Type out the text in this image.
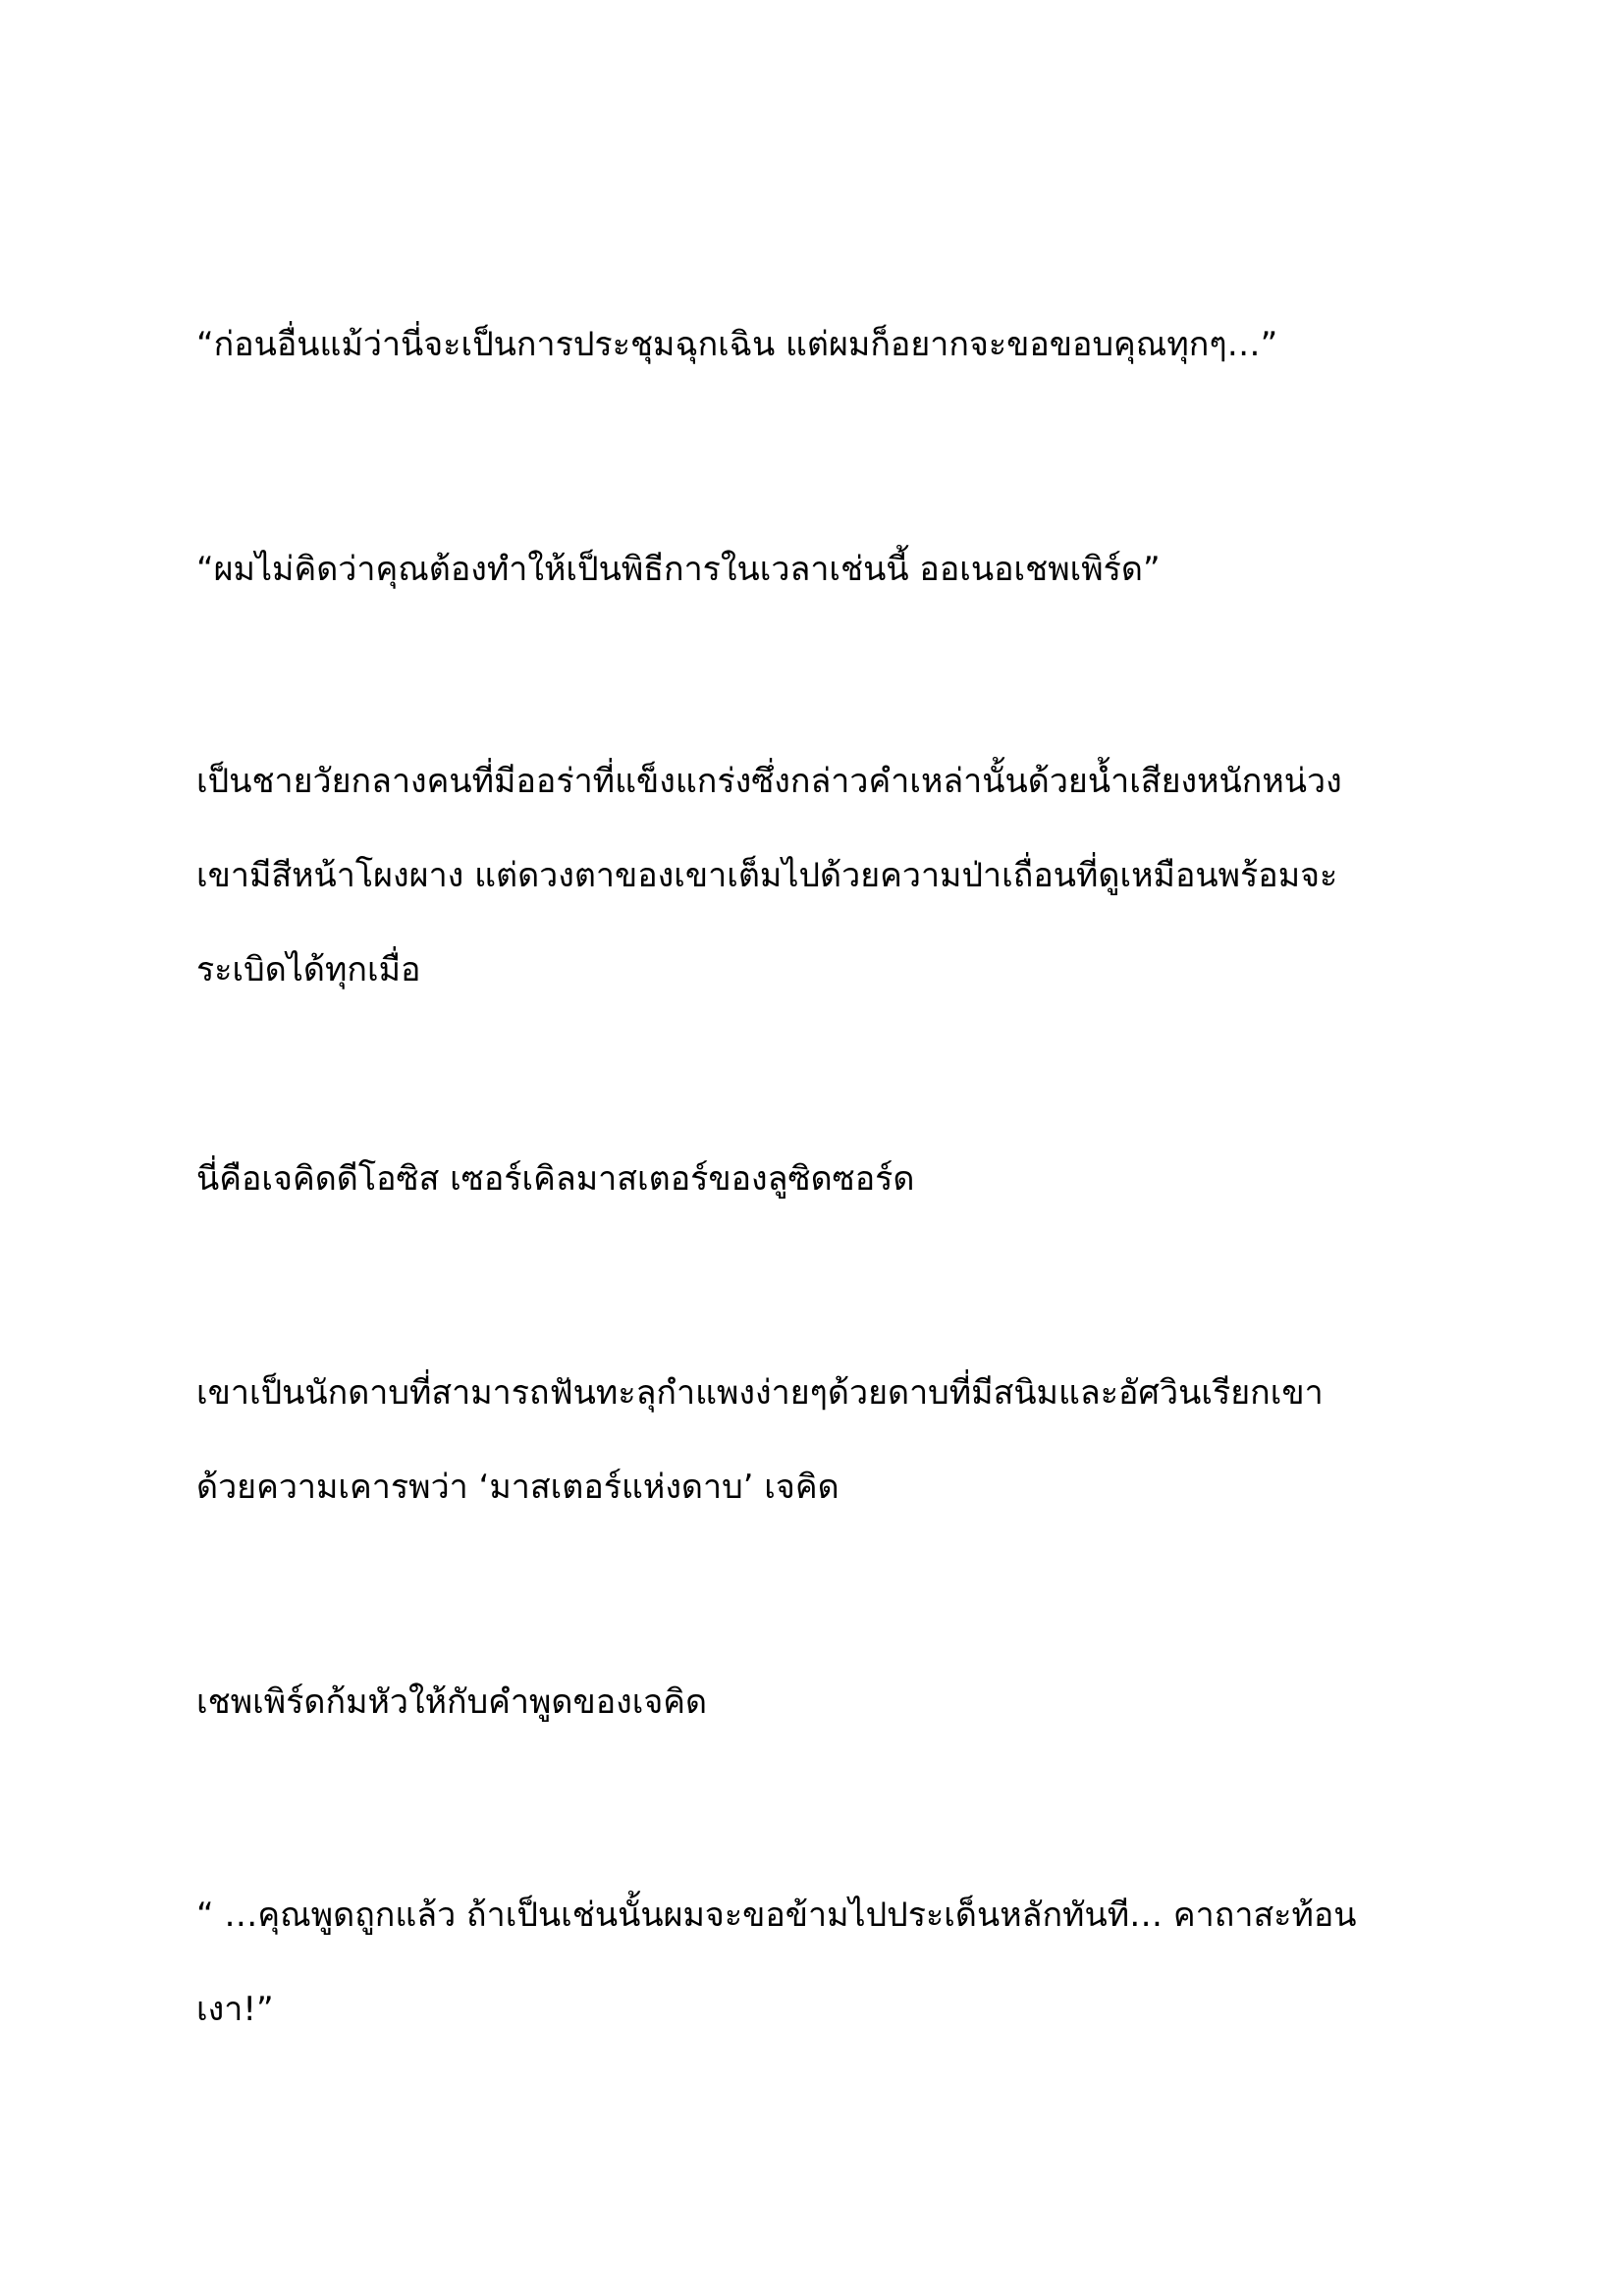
“ก่อนอื่นแม้ว่านี่จะเป็นการประชุมฉุกเฉิน แต่ผมก็อยากจะขอขอบคุณทุกๆ…”

“ผมไม่คิดว่าคุณต้องทำให้เป็นพิธีการในเวลาเช่นนี้ ออเนอเชพเพิร์ด”

เป็นชายวัยกลางคนที่มีออร่าที่แข็งแกร่งซึ่งกล่าวคำเหล่านั้นด้วยน้ำเสียงหนักหน่วง
เขามีสีหน้าโผงผาง แต่ดวงตาของเขาเต็มไปด้วยความป่าเถื่อนที่ดูเหมือนพร้อมจะ
ระเบิดได้ทุกเมื่อ

นี่คือเจคิดดีโอซิส เซอร์เคิลมาสเตอร์ของลูซิดซอร์ด

เขาเป็นนักดาบที่สามารถฟันทะลุกำแพงง่ายๆด้วยดาบที่มีสนิมและอัศวินเรียกเขา
ด้วยความเคารพว่า ‘มาสเตอร์แห่งดาบ’ เจคิด

เชพเพิร์ดก้มหัวให้กับคำพูดของเจคิด

“ …คุณพูดถูกแล้ว ถ้าเป็นเช่นนั้นผมจะขอข้ามไปประเด็นหลักทันที… คาถาสะท้อน
เงา!”
